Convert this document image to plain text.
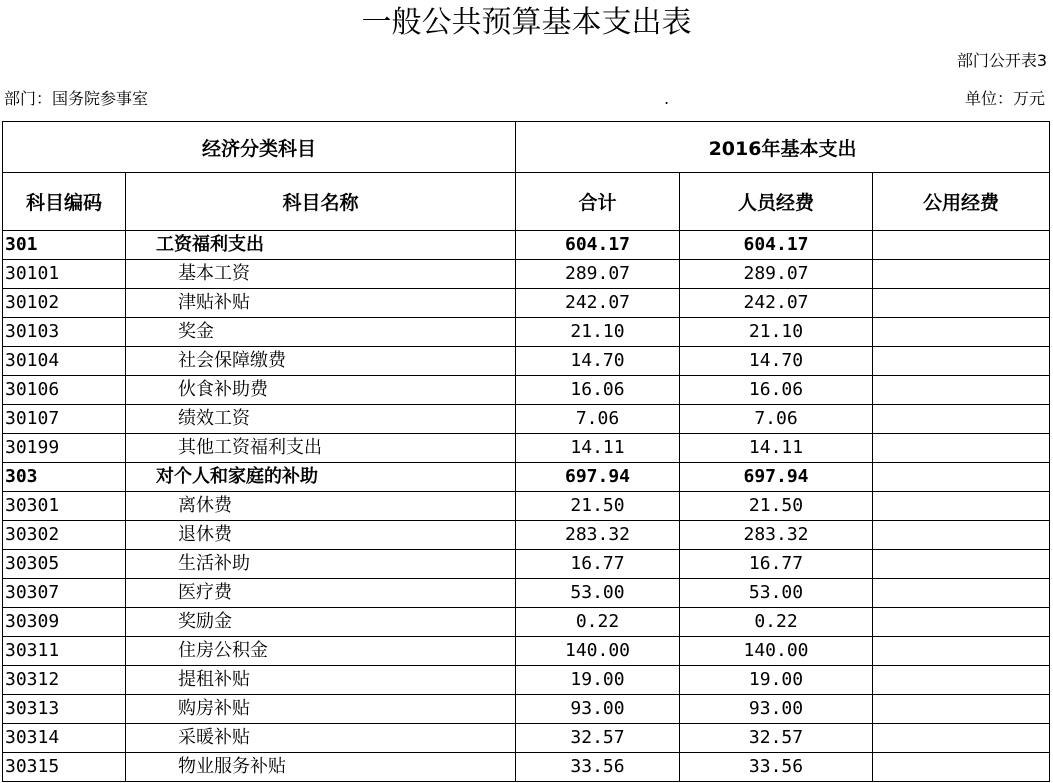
一般公共预算基本支出表
部门公开表3
部门：国务院参事室	.	单位：万元
经济分类科目		2016年基本支出		
科目编码	科目名称	合计	人员经费	公用经费
301	工资福利支出	604.17	604.17	
30101	基本工资	289.07	289.07	
30102	津贴补贴	242.07	242.07	
30103	奖金	21.10	21.10	
30104	社会保障缴费	14.70	14.70	
30106	伙食补助费	16.06	16.06	
30107	绩效工资	7.06	7.06	
30199	其他工资福利支出	14.11	14.11	
303	对个人和家庭的补助	697.94	697.94	
30301	离休费	21.50	21.50	
30302	退休费	283.32	283.32	
30305	生活补助	16.77	16.77	
30307	医疗费	53.00	53.00	
30309	奖励金	0.22	0.22	
30311	住房公积金	140.00	140.00	
30312	提租补贴	19.00	19.00	
30313	购房补贴	93.00	93.00	
30314	采暖补贴	32.57	32.57	
30315	物业服务补贴	33.56	33.56	
